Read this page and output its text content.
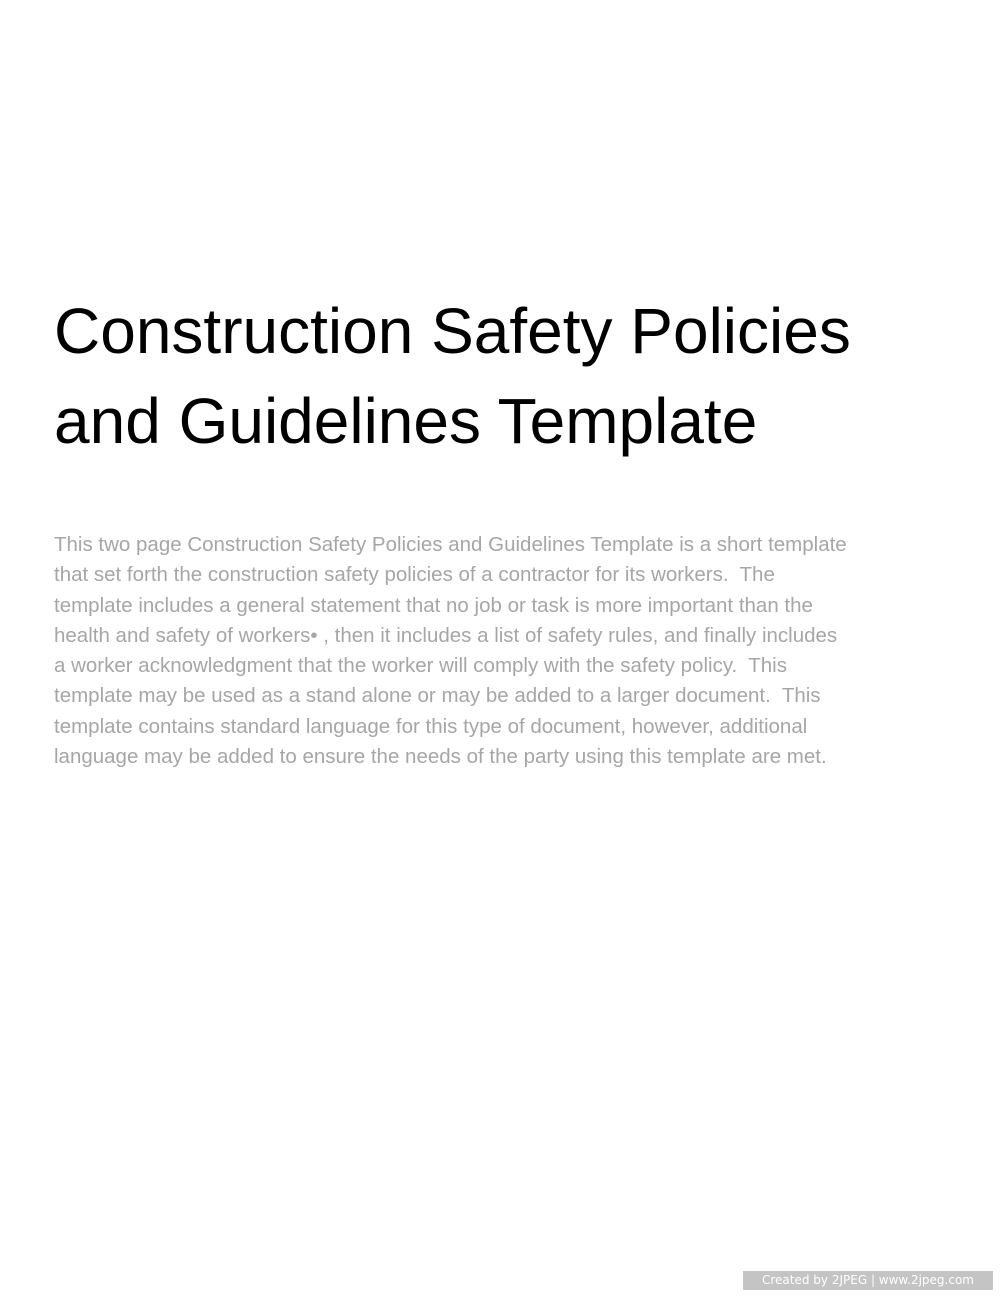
Construction Safety Policies
and Guidelines Template
This two page Construction Safety Policies and Guidelines Template is a short template
that set forth the construction safety policies of a contractor for its workers.  The
template includes a general statement that no job or task is more important than the
health and safety of workers• , then it includes a list of safety rules, and finally includes
a worker acknowledgment that the worker will comply with the safety policy.  This
template may be used as a stand alone or may be added to a larger document.  This
template contains standard language for this type of document, however, additional
language may be added to ensure the needs of the party using this template are met.
Created by 2JPEG | www.2jpeg.com
